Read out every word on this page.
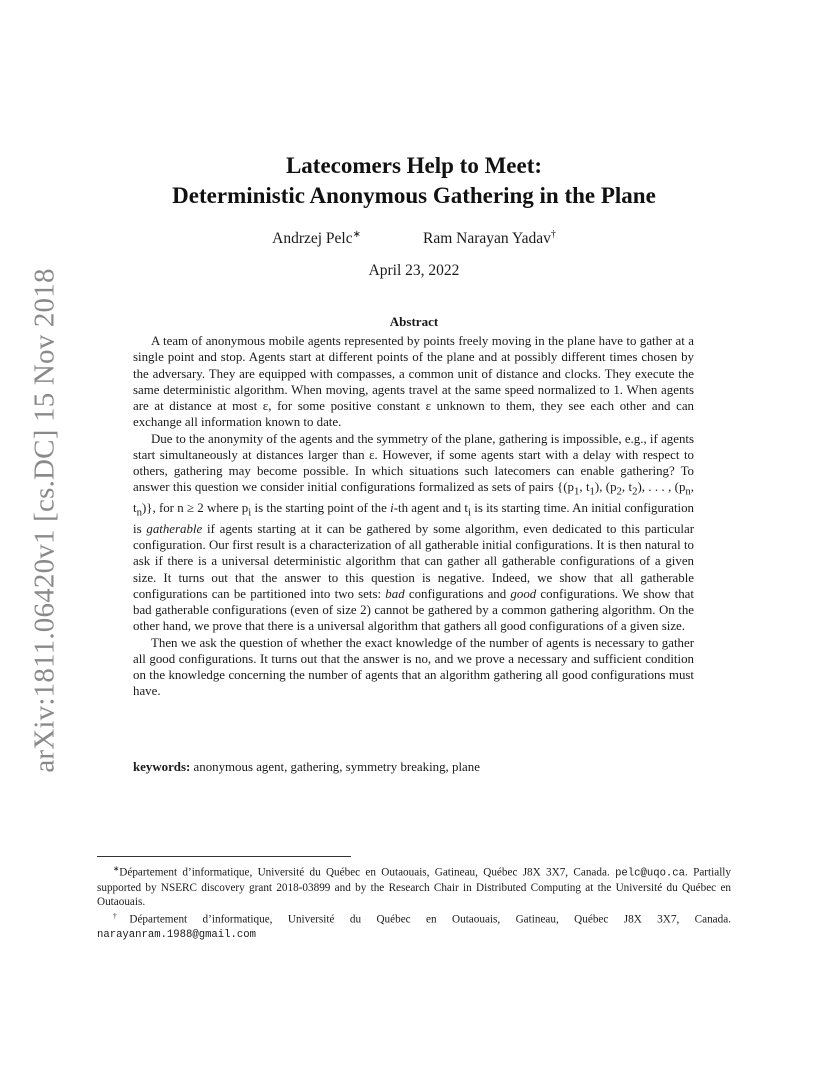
arXiv:1811.06420v1 [cs.DC] 15 Nov 2018
Latecomers Help to Meet:
Deterministic Anonymous Gathering in the Plane
Andrzej Pelc∗	Ram Narayan Yadav†
April 23, 2022
Abstract

A team of anonymous mobile agents represented by points freely moving in the plane have to gather at a single point and stop. Agents start at different points of the plane and at possibly different times chosen by the adversary. They are equipped with compasses, a common unit of distance and clocks. They execute the same deterministic algorithm. When moving, agents travel at the same speed normalized to 1. When agents are at distance at most ε, for some positive constant ε unknown to them, they see each other and can exchange all information known to date.

Due to the anonymity of the agents and the symmetry of the plane, gathering is impossible, e.g., if agents start simultaneously at distances larger than ε. However, if some agents start with a delay with respect to others, gathering may become possible. In which situations such latecomers can enable gathering? To answer this question we consider initial configurations formalized as sets of pairs {($p_1$, $t_1$), ($p_2$, $t_2$), . . . , ($p_n$, $t_n$)}, for n ≥ 2 where $p_i$ is the starting point of the i-th agent and $t_i$ is its starting time. An initial configuration is gatherable if agents starting at it can be gathered by some algorithm, even dedicated to this particular configuration. Our first result is a characterization of all gatherable initial configurations. It is then natural to ask if there is a universal deterministic algorithm that can gather all gatherable configurations of a given size. It turns out that the answer to this question is negative. Indeed, we show that all gatherable configurations can be partitioned into two sets: bad configurations and good configurations. We show that bad gatherable configurations (even of size 2) cannot be gathered by a common gathering algorithm. On the other hand, we prove that there is a universal algorithm that gathers all good configurations of a given size.

Then we ask the question of whether the exact knowledge of the number of agents is necessary to gather all good configurations. It turns out that the answer is no, and we prove a necessary and sufficient condition on the knowledge concerning the number of agents that an algorithm gathering all good configurations must have.

keywords: anonymous agent, gathering, symmetry breaking, plane

∗Département d’informatique, Université du Québec en Outaouais, Gatineau, Québec J8X 3X7, Canada. pelc@uqo.ca. Partially supported by NSERC discovery grant 2018-03899 and by the Research Chair in Distributed Computing at the Université du Québec en Outaouais.

†Département d’informatique, Université du Québec en Outaouais, Gatineau, Québec J8X 3X7, Canada. narayanram.1988@gmail.com
